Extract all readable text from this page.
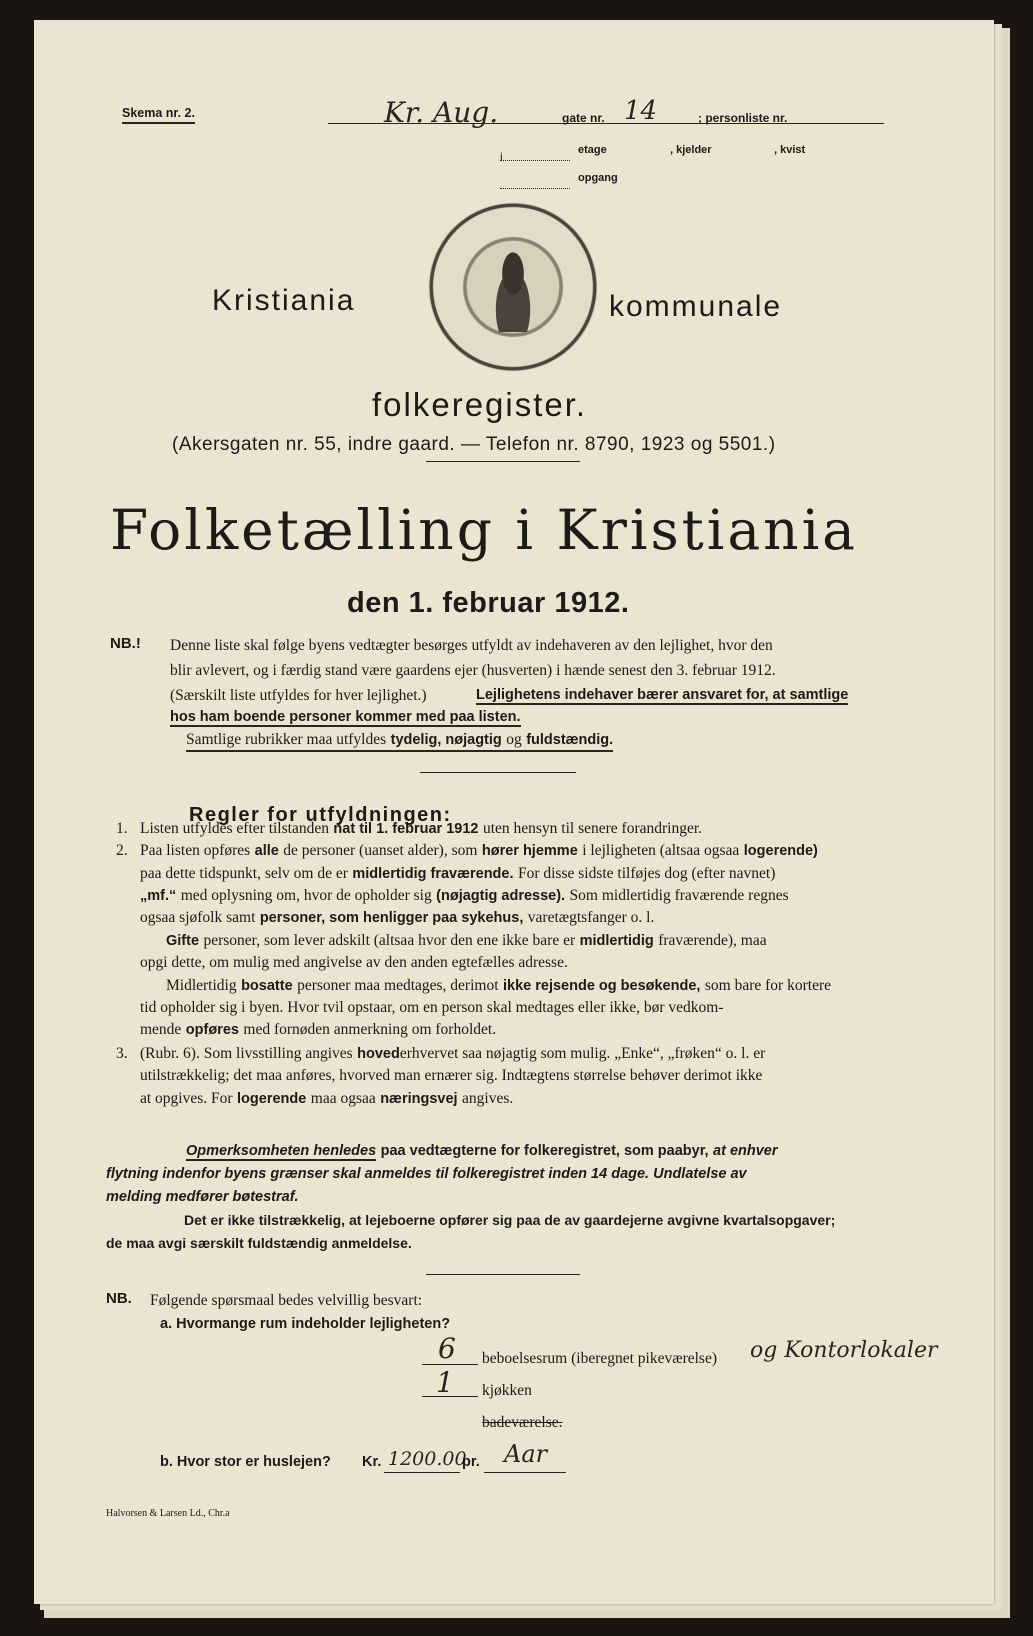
Skema nr. 2.	Kr. Aug.	gate nr. 14	; personliste nr.
i	etage	, kjelder	, kvist
opgang
Kristiania	kommunale
folkeregister.
(Akersgaten nr. 55, indre gaard. — Telefon nr. 8790, 1923 og 5501.)
Folketælling i Kristiania
den 1. februar 1912.
NB.! Denne liste skal følge byens vedtægter besørges utfyldt av indehaveren av den lejlighet, hvor den
blir avlevert, og i færdig stand være gaardens ejer (husverten) i hænde senest den 3. februar 1912.
(Særskilt liste utfyldes for hver lejlighet.)	Lejlighetens indehaver bærer ansvaret for, at samtlige
hos ham boende personer kommer med paa listen.
Samtlige rubrikker maa utfyldes tydelig, nøjagtig og fuldstændig.
Regler for utfyldningen:
1. Listen utfyldes efter tilstanden nat til 1. februar 1912 uten hensyn til senere forandringer.
2. Paa listen opføres alle de personer (uanset alder), som hører hjemme i lejligheten (altsaa ogsaa logerende)
paa dette tidspunkt, selv om de er midlertidig fraværende. For disse sidste tilføjes dog (efter navnet)
„mf.“ med oplysning om, hvor de opholder sig (nøjagtig adresse). Som midlertidig fraværende regnes
ogsaa sjøfolk samt personer, som henligger paa sykehus, varetægtsfanger o. l.
Gifte personer, som lever adskilt (altsaa hvor den ene ikke bare er midlertidig fraværende), maa
opgi dette, om mulig med angivelse av den anden egtefælles adresse.
Midlertidig bosatte personer maa medtages, derimot ikke rejsende og besøkende, som bare for kortere
tid opholder sig i byen. Hvor tvil opstaar, om en person skal medtages eller ikke, bør vedkom-
mende opføres med fornøden anmerkning om forholdet.
3. (Rubr. 6). Som livsstilling angives hovederhvervet saa nøjagtig som mulig. „Enke“, „frøken“ o. l. er
utilstrækkelig; det maa anføres, hvorved man ernærer sig. Indtægtens størrelse behøver derimot ikke
at opgives. For logerende maa ogsaa næringsvej angives.
Opmerksomheten henledes paa vedtægterne for folkeregistret, som paabyr, at enhver
flytning indenfor byens grænser skal anmeldes til folkeregistret inden 14 dage. Undlatelse av
melding medfører bøtestraf.
Det er ikke tilstrækkelig, at lejeboerne opfører sig paa de av gaardejerne avgivne kvartalsopgaver;
de maa avgi særskilt fuldstændig anmeldelse.
NB. Følgende spørsmaal bedes velvillig besvart:
a. Hvormange rum indeholder lejligheten?
6 beboelsesrum (iberegnet pikeværelse) og Kontorlokaler
1 kjøkken
badeværelse.
b. Hvor stor er huslejen? Kr. 1200.00
pr. Aar
Halvorsen & Larsen Ld., Chr.a
